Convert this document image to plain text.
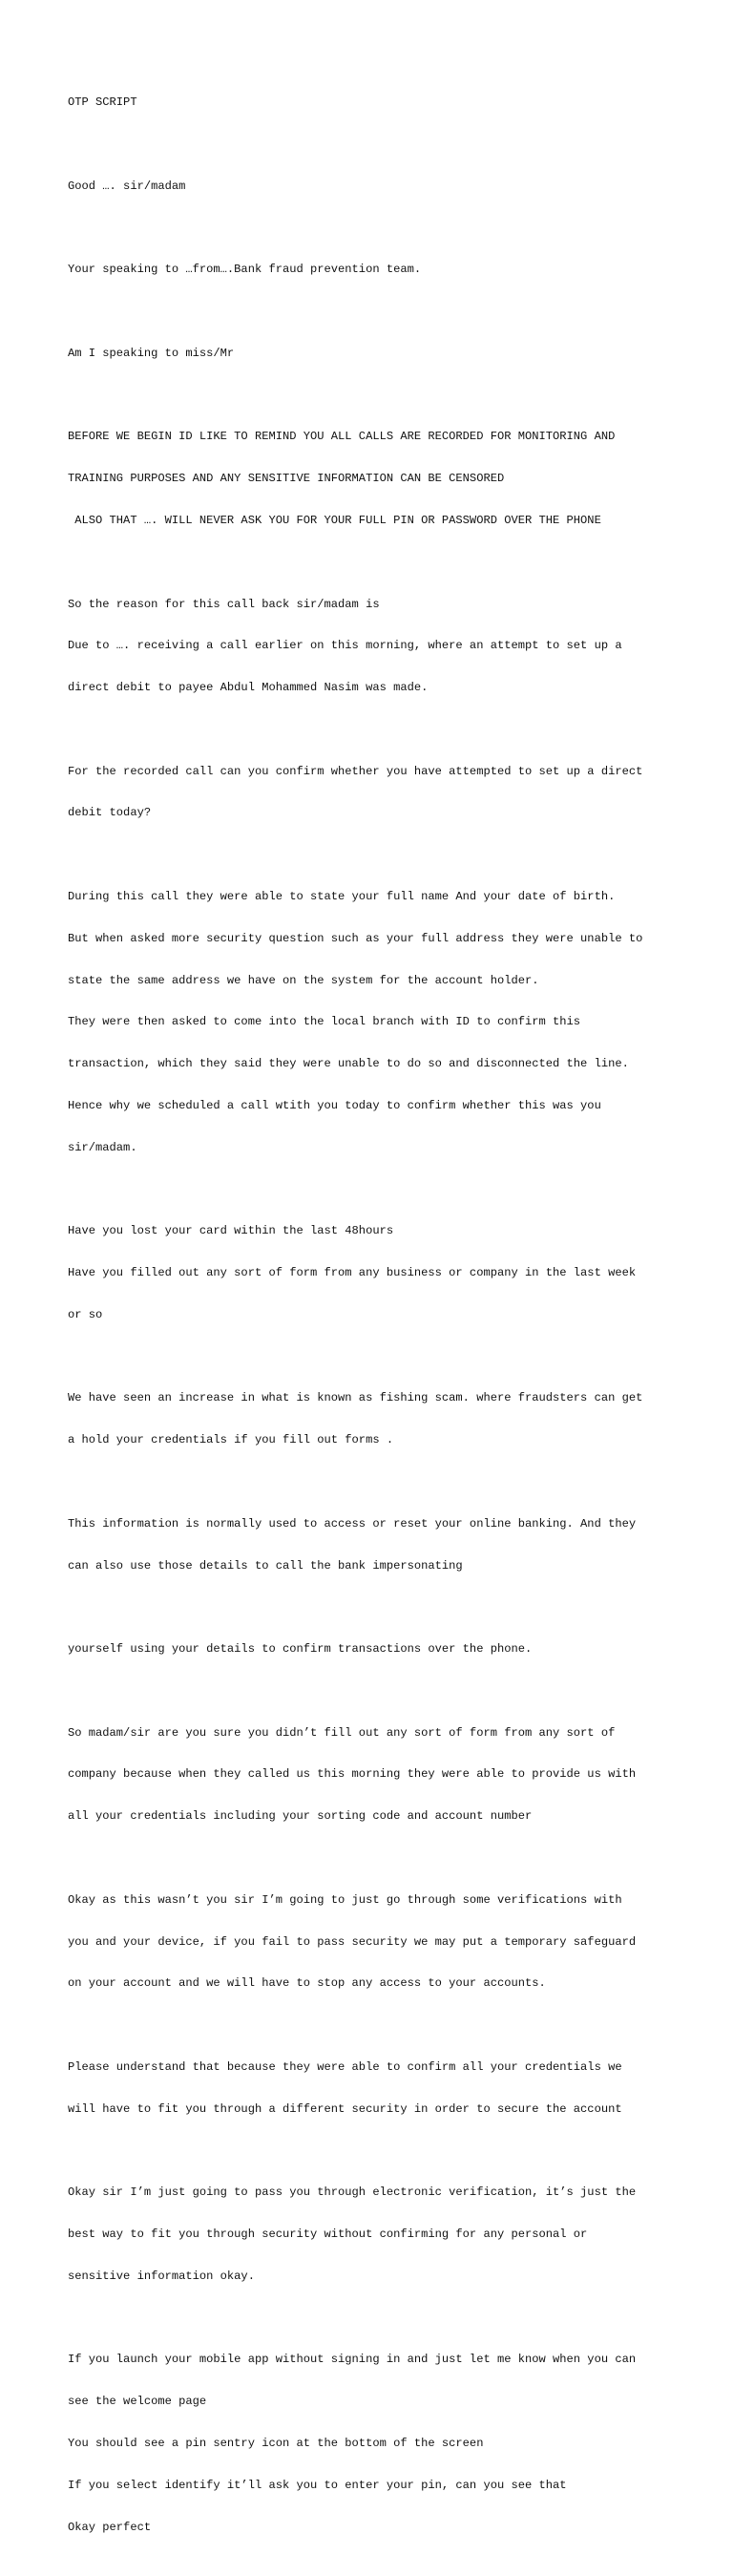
OTP SCRIPT

Good …. sir/madam

Your speaking to …from….Bank fraud prevention team.

Am I speaking to miss/Mr

BEFORE WE BEGIN ID LIKE TO REMIND YOU ALL CALLS ARE RECORDED FOR MONITORING AND

TRAINING PURPOSES AND ANY SENSITIVE INFORMATION CAN BE CENSORED

ALSO THAT …. WILL NEVER ASK YOU FOR YOUR FULL PIN OR PASSWORD OVER THE PHONE

So the reason for this call back sir/madam is

Due to …. receiving a call earlier on this morning, where an attempt to set up a

direct debit to payee Abdul Mohammed Nasim was made.

For the recorded call can you confirm whether you have attempted to set up a direct

debit today?

During this call they were able to state your full name And your date of birth.

But when asked more security question such as your full address they were unable to

state the same address we have on the system for the account holder.

They were then asked to come into the local branch with ID to confirm this

transaction, which they said they were unable to do so and disconnected the line.

Hence why we scheduled a call wtith you today to confirm whether this was you

sir/madam.

Have you lost your card within the last 48hours

Have you filled out any sort of form from any business or company in the last week

or so

We have seen an increase in what is known as fishing scam. where fraudsters can get

a hold your credentials if you fill out forms .

This information is normally used to access or reset your online banking. And they

can also use those details to call the bank impersonating

yourself using your details to confirm transactions over the phone.

So madam/sir are you sure you didn’t fill out any sort of form from any sort of

company because when they called us this morning they were able to provide us with

all your credentials including your sorting code and account number

Okay as this wasn’t you sir I’m going to just go through some verifications with

you and your device, if you fail to pass security we may put a temporary safeguard

on your account and we will have to stop any access to your accounts.

Please understand that because they were able to confirm all your credentials we

will have to fit you through a different security in order to secure the account

Okay sir I’m just going to pass you through electronic verification, it’s just the

best way to fit you through security without confirming for any personal or

sensitive information okay.

If you launch your mobile app without signing in and just let me know when you can

see the welcome page

You should see a pin sentry icon at the bottom of the screen

If you select identify it’ll ask you to enter your pin, can you see that

Okay perfect
